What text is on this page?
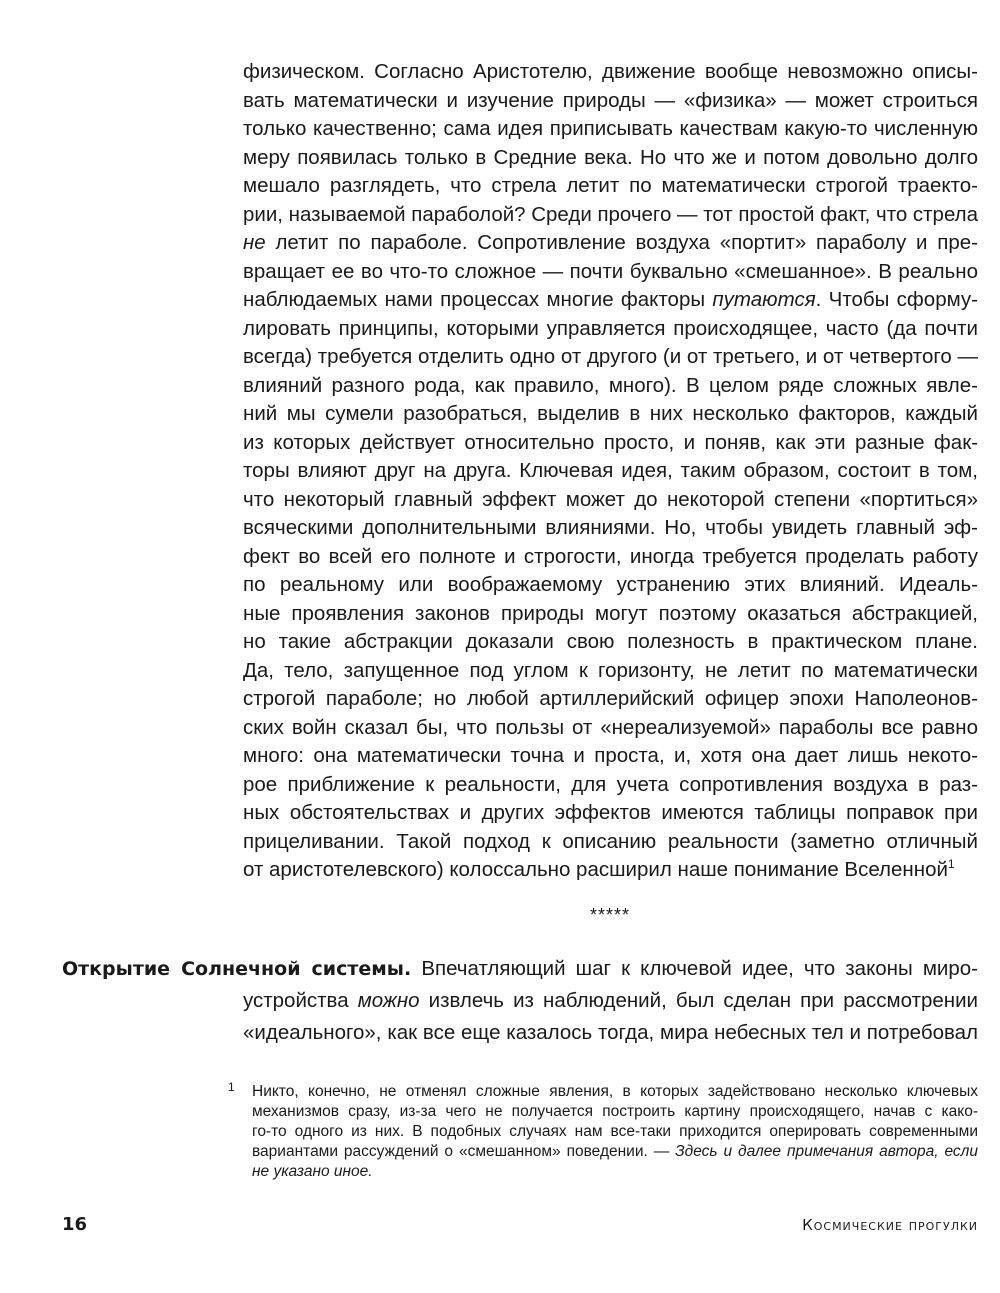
физическом. Согласно Аристотелю, движение вообще невозможно описы-
вать математически и изучение природы — «физика» — может строиться
только качественно; сама идея приписывать качествам какую-то численную
меру появилась только в Средние века. Но что же и потом довольно долго
мешало разглядеть, что стрела летит по математически строгой траекто-
рии, называемой параболой? Среди прочего — тот простой факт, что стрела
не летит по параболе. Сопротивление воздуха «портит» параболу и пре-
вращает ее во что-то сложное — почти буквально «смешанное». В реально
наблюдаемых нами процессах многие факторы путаются. Чтобы сформу-
лировать принципы, которыми управляется происходящее, часто (да почти
всегда) требуется отделить одно от другого (и от третьего, и от четвертого —
влияний разного рода, как правило, много). В целом ряде сложных явле-
ний мы сумели разобраться, выделив в них несколько факторов, каждый
из которых действует относительно просто, и поняв, как эти разные фак-
торы влияют друг на друга. Ключевая идея, таким образом, состоит в том,
что некоторый главный эффект может до некоторой степени «портиться»
всяческими дополнительными влияниями. Но, чтобы увидеть главный эф-
фект во всей его полноте и строгости, иногда требуется проделать работу
по реальному или воображаемому устранению этих влияний. Идеаль-
ные проявления законов природы могут поэтому оказаться абстракцией,
но такие абстракции доказали свою полезность в практическом плане.
Да, тело, запущенное под углом к горизонту, не летит по математически
строгой параболе; но любой артиллерийский офицер эпохи Наполеонов-
ских войн сказал бы, что пользы от «нереализуемой» параболы все равно
много: она математически точна и проста, и, хотя она дает лишь некото-
рое приближение к реальности, для учета сопротивления воздуха в раз-
ных обстоятельствах и других эффектов имеются таблицы поправок при
прицеливании. Такой подход к описанию реальности (заметно отличный
от аристотелевского) колоссально расширил наше понимание Вселенной$^1$
*****
Открытие Солнечной системы. Впечатляющий шаг к ключевой идее, что законы миро-
устройства можно извлечь из наблюдений, был сделан при рассмотрении
«идеального», как все еще казалось тогда, мира небесных тел и потребовал
1 Никто, конечно, не отменял сложные явления, в которых задействовано несколько ключевых
механизмов сразу, из-за чего не получается построить картину происходящего, начав с како-
го-то одного из них. В подобных случаях нам все-таки приходится оперировать современными
вариантами рассуждений о «смешанном» поведении. — Здесь и далее примечания автора, если
не указано иное.
16	Космические прогулки
